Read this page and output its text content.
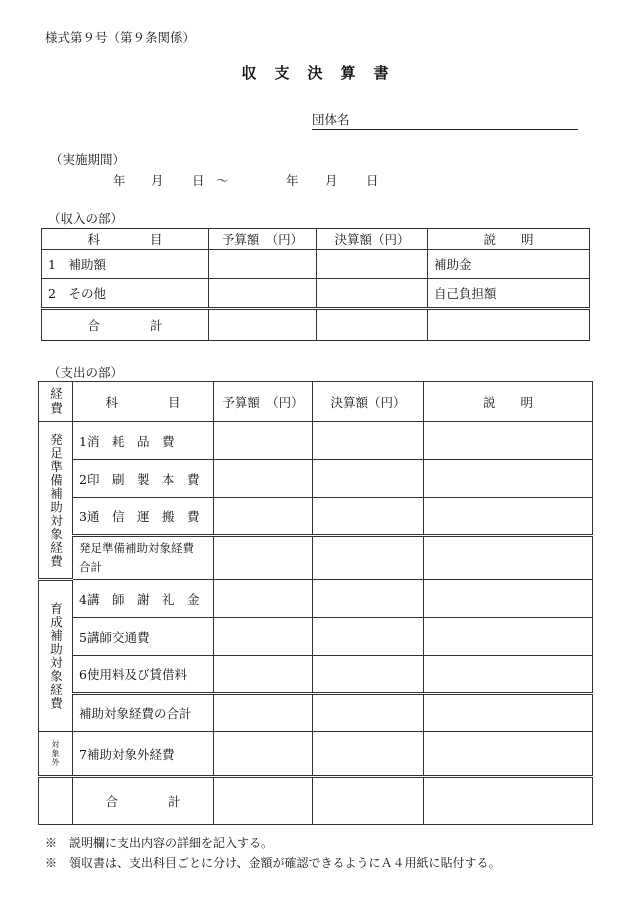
様式第９号（第９条関係）
収支決算書
団体名
（実施期間）
年 月 日 ～	年 月 日
（収入の部）
科　　　　目	予算額　（円）	決算額（円）	説　　明
1　補助額			補助金
2　その他			自己負担額
合　　　　計			
（支出の部）
経費	科　　　　目	予算額　（円）	決算額（円）	説　　明
発足準備補助対象経費	1消　耗　品　費			
	2印　刷　製　本　費			
	3通　信　運　搬　費			
	発足準備補助対象経費
合計			
育成補助対象経費	4講　師　謝　礼　金			
	5講師交通費			
	6使用料及び賃借料			
	補助対象経費の合計			
対象外	7補助対象外経費			
	合　　　　計			
※　説明欄に支出内容の詳細を記入する。
※　領収書は、支出科目ごとに分け、金額が確認できるようにＡ４用紙に貼付する。
